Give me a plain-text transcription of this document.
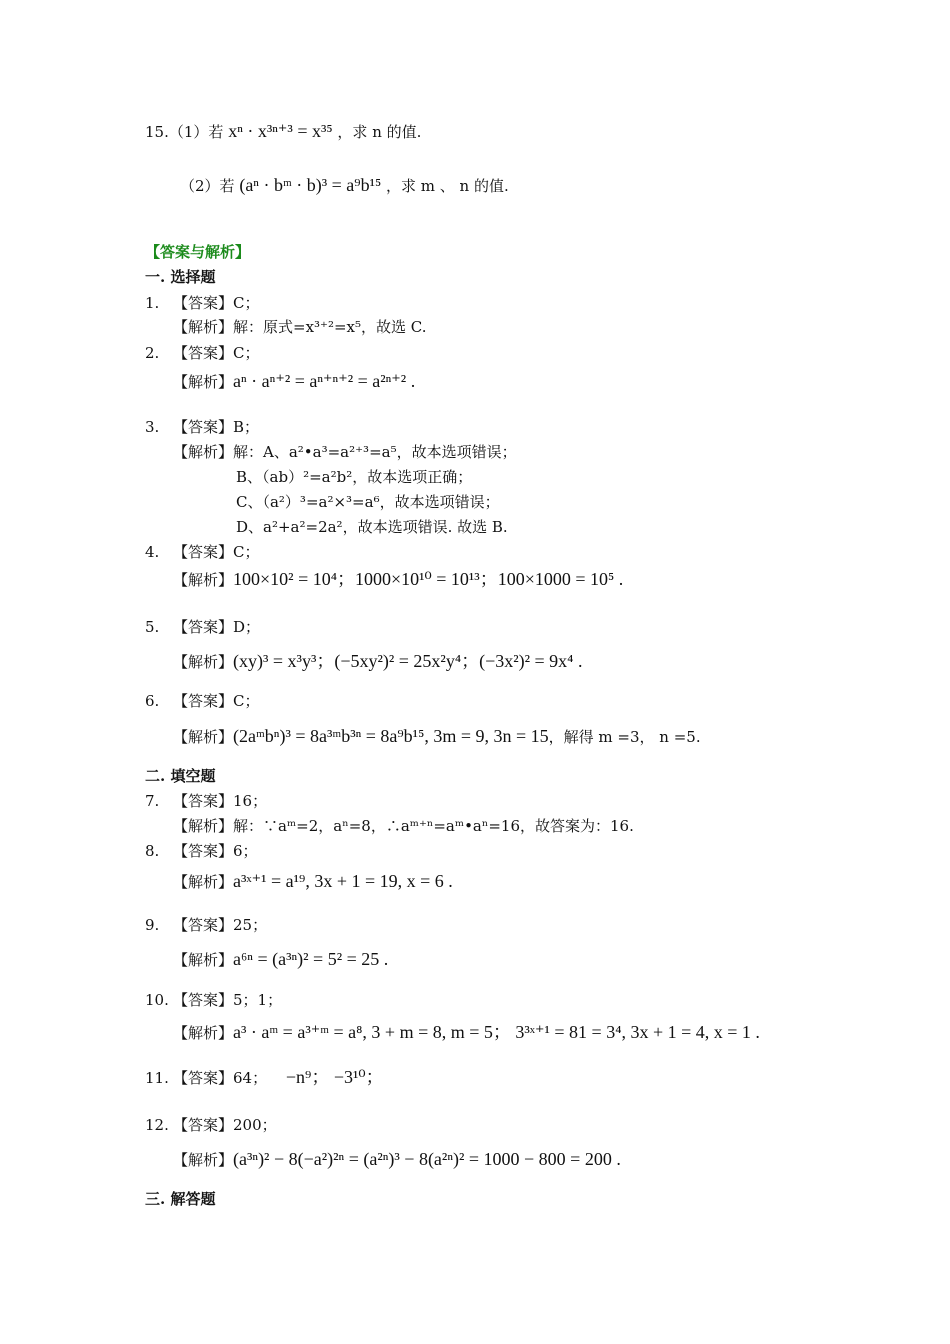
15.（1）若 xⁿ · x³ⁿ⁺³ = x³⁵ ，求 n 的值.
（2）若 (aⁿ · bᵐ · b)³ = a⁹b¹⁵ ，求 m 、 n 的值.
【答案与解析】
一. 选择题
1. 【答案】C；
【解析】解：原式=x³⁺²=x⁵，故选 C.
2. 【答案】C；
【解析】aⁿ · aⁿ⁺² = aⁿ⁺ⁿ⁺² = a²ⁿ⁺² .
3. 【答案】B；
【解析】解：A、a²•a³=a²⁺³=a⁵，故本选项错误；
B、（ab）²=a²b²，故本选项正确；
C、（a²）³=a²×³=a⁶，故本选项错误；
D、a²+a²=2a²，故本选项错误. 故选 B.
4. 【答案】C；
【解析】100×10² = 10⁴；1000×10¹⁰ = 10¹³；100×1000 = 10⁵ .
5. 【答案】D；
【解析】(xy)³ = x³y³；(−5xy²)² = 25x²y⁴；(−3x²)² = 9x⁴ .
6. 【答案】C；
【解析】(2aᵐbⁿ)³ = 8a³ᵐb³ⁿ = 8a⁹b¹⁵, 3m = 9, 3n = 15，解得 m =3， n =5.
二. 填空题
7. 【答案】16；
【解析】解：∵aᵐ=2，aⁿ=8，∴aᵐ⁺ⁿ=aᵐ•aⁿ=16，故答案为：16.
8. 【答案】6；
【解析】a³ˣ⁺¹ = a¹⁹, 3x + 1 = 19, x = 6 .
9. 【答案】25；
【解析】a⁶ⁿ = (a³ⁿ)² = 5² = 25 .
10. 【答案】5；1；
【解析】a³ · aᵐ = a³⁺ᵐ = a⁸, 3 + m = 8, m = 5； 3³ˣ⁺¹ = 81 = 3⁴, 3x + 1 = 4, x = 1 .
11. 【答案】64； −n⁹； −3¹⁰；
12. 【答案】200；
【解析】(a³ⁿ)² − 8(−a²)²ⁿ = (a²ⁿ)³ − 8(a²ⁿ)² = 1000 − 800 = 200 .
三. 解答题
